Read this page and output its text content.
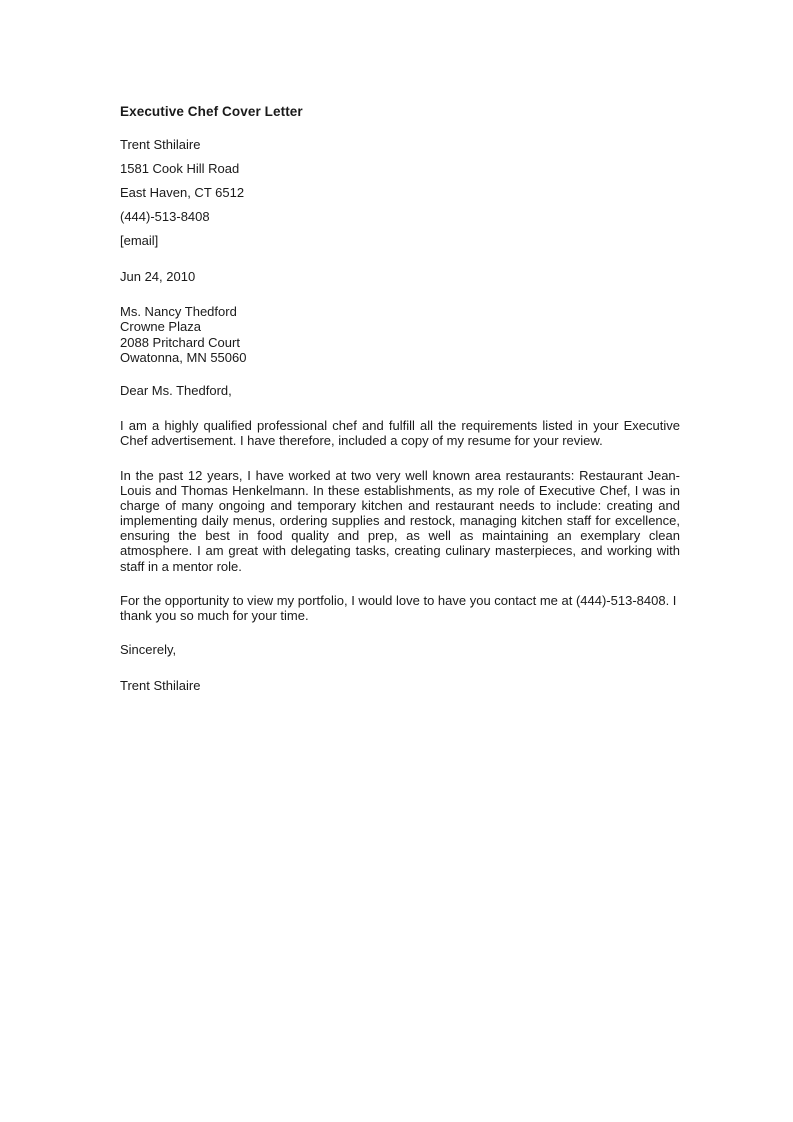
Executive Chef Cover Letter

Trent Sthilaire

1581 Cook Hill Road

East Haven, CT 6512

(444)-513-8408

[email]

Jun 24, 2010

Ms. Nancy Thedford
Crowne Plaza
2088 Pritchard Court
Owatonna, MN 55060

Dear Ms. Thedford,

I am a highly qualified professional chef and fulfill all the requirements listed in your Executive Chef advertisement. I have therefore, included a copy of my resume for your review.

In the past 12 years, I have worked at two very well known area restaurants: Restaurant Jean-Louis and Thomas Henkelmann. In these establishments, as my role of Executive Chef, I was in charge of many ongoing and temporary kitchen and restaurant needs to include: creating and implementing daily menus, ordering supplies and restock, managing kitchen staff for excellence, ensuring the best in food quality and prep, as well as maintaining an exemplary clean atmosphere. I am great with delegating tasks, creating culinary masterpieces, and working with staff in a mentor role.

For the opportunity to view my portfolio, I would love to have you contact me at (444)-513-8408. I thank you so much for your time.

Sincerely,

Trent Sthilaire
